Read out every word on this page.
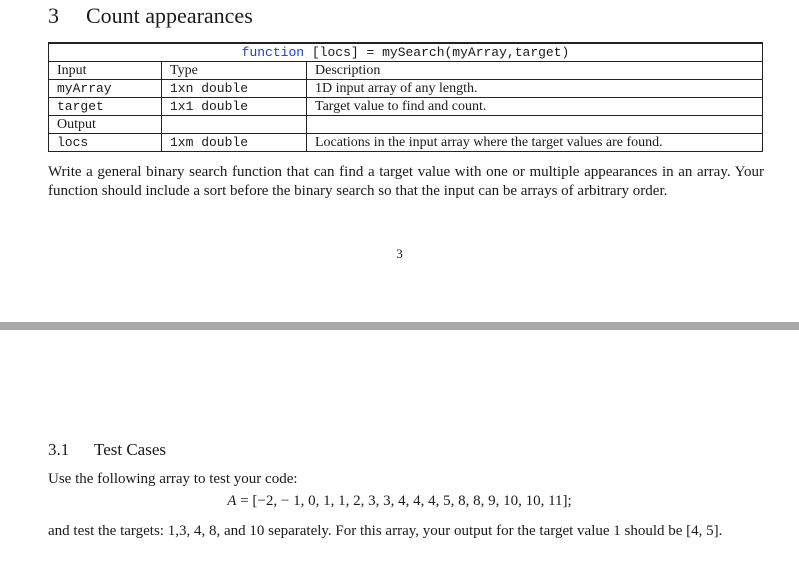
3 Count appearances
function [locs] = mySearch(myArray,target)		
Input	Type	Description
myArray	1xn double	1D input array of any length.
target	1x1 double	Target value to find and count.
Output		
locs	1xm double	Locations in the input array where the target values are found.

Write a general binary search function that can find a target value with one or multiple appearances in an array. Your function should include a sort before the binary search so that the input can be arrays of arbitrary order.

3
3.1 Test Cases

Use the following array to test your code:

A = [−2, − 1, 0, 1, 1, 2, 3, 3, 4, 4, 4, 5, 8, 8, 9, 10, 10, 11];

and test the targets: 1,3, 4, 8, and 10 separately. For this array, your output for the target value 1 should be [4, 5].
